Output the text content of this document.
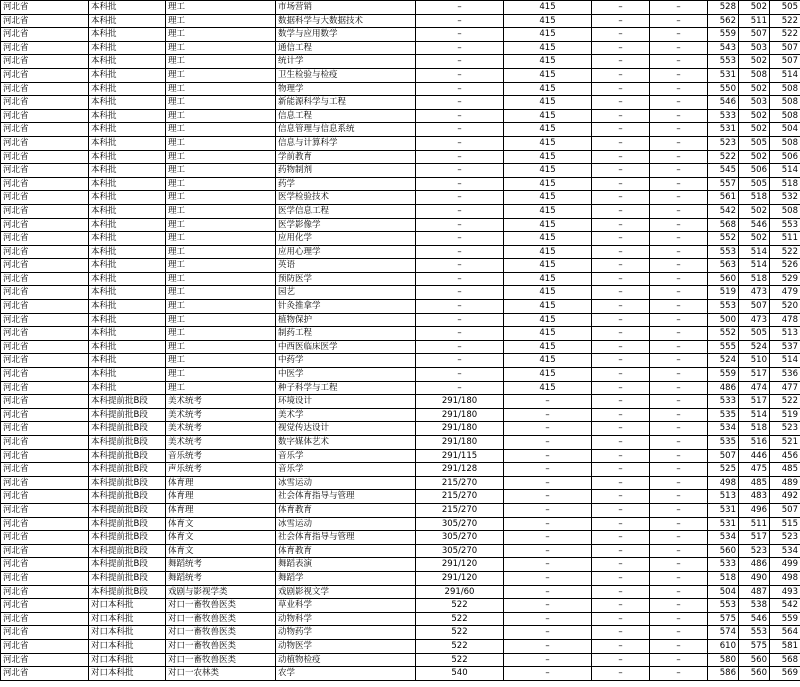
河北省	本科批	理工	市场营销	–	415	–	–	528	502	505
河北省	本科批	理工	数据科学与大数据技术	–	415	–	–	562	511	522
河北省	本科批	理工	数学与应用数学	–	415	–	–	559	507	522
河北省	本科批	理工	通信工程	–	415	–	–	543	503	507
河北省	本科批	理工	统计学	–	415	–	–	553	502	507
河北省	本科批	理工	卫生检验与检疫	–	415	–	–	531	508	514
河北省	本科批	理工	物理学	–	415	–	–	550	502	508
河北省	本科批	理工	新能源科学与工程	–	415	–	–	546	503	508
河北省	本科批	理工	信息工程	–	415	–	–	533	502	508
河北省	本科批	理工	信息管理与信息系统	–	415	–	–	531	502	504
河北省	本科批	理工	信息与计算科学	–	415	–	–	523	505	508
河北省	本科批	理工	学前教育	–	415	–	–	522	502	506
河北省	本科批	理工	药物制剂	–	415	–	–	545	506	514
河北省	本科批	理工	药学	–	415	–	–	557	505	518
河北省	本科批	理工	医学检验技术	–	415	–	–	561	518	532
河北省	本科批	理工	医学信息工程	–	415	–	–	542	502	508
河北省	本科批	理工	医学影像学	–	415	–	–	568	546	553
河北省	本科批	理工	应用化学	–	415	–	–	552	502	511
河北省	本科批	理工	应用心理学	–	415	–	–	553	514	522
河北省	本科批	理工	英语	–	415	–	–	563	514	526
河北省	本科批	理工	预防医学	–	415	–	–	560	518	529
河北省	本科批	理工	园艺	–	415	–	–	519	473	479
河北省	本科批	理工	针灸推拿学	–	415	–	–	553	507	520
河北省	本科批	理工	植物保护	–	415	–	–	500	473	478
河北省	本科批	理工	制药工程	–	415	–	–	552	505	513
河北省	本科批	理工	中西医临床医学	–	415	–	–	555	524	537
河北省	本科批	理工	中药学	–	415	–	–	524	510	514
河北省	本科批	理工	中医学	–	415	–	–	559	517	536
河北省	本科批	理工	种子科学与工程	–	415	–	–	486	474	477
河北省	本科提前批B段	美术统考	环境设计	291/180	–	–	–	533	517	522
河北省	本科提前批B段	美术统考	美术学	291/180	–	–	–	535	514	519
河北省	本科提前批B段	美术统考	视觉传达设计	291/180	–	–	–	534	518	523
河北省	本科提前批B段	美术统考	数字媒体艺术	291/180	–	–	–	535	516	521
河北省	本科提前批B段	音乐统考	音乐学	291/115	–	–	–	507	446	456
河北省	本科提前批B段	声乐统考	音乐学	291/128	–	–	–	525	475	485
河北省	本科提前批B段	体育理	冰雪运动	215/270	–	–	–	498	485	489
河北省	本科提前批B段	体育理	社会体育指导与管理	215/270	–	–	–	513	483	492
河北省	本科提前批B段	体育理	体育教育	215/270	–	–	–	531	496	507
河北省	本科提前批B段	体育文	冰雪运动	305/270	–	–	–	531	511	515
河北省	本科提前批B段	体育文	社会体育指导与管理	305/270	–	–	–	534	517	523
河北省	本科提前批B段	体育文	体育教育	305/270	–	–	–	560	523	534
河北省	本科提前批B段	舞蹈统考	舞蹈表演	291/120	–	–	–	533	486	499
河北省	本科提前批B段	舞蹈统考	舞蹈学	291/120	–	–	–	518	490	498
河北省	本科提前批B段	戏剧与影视学类	戏剧影视文学	291/60	–	–	–	504	487	493
河北省	对口本科批	对口一畜牧兽医类	草业科学	522	–	–	–	553	538	542
河北省	对口本科批	对口一畜牧兽医类	动物科学	522	–	–	–	575	546	559
河北省	对口本科批	对口一畜牧兽医类	动物药学	522	–	–	–	574	553	564
河北省	对口本科批	对口一畜牧兽医类	动物医学	522	–	–	–	610	575	581
河北省	对口本科批	对口一畜牧兽医类	动植物检疫	522	–	–	–	580	560	568
河北省	对口本科批	对口一农林类	农学	540	–	–	–	586	560	569
